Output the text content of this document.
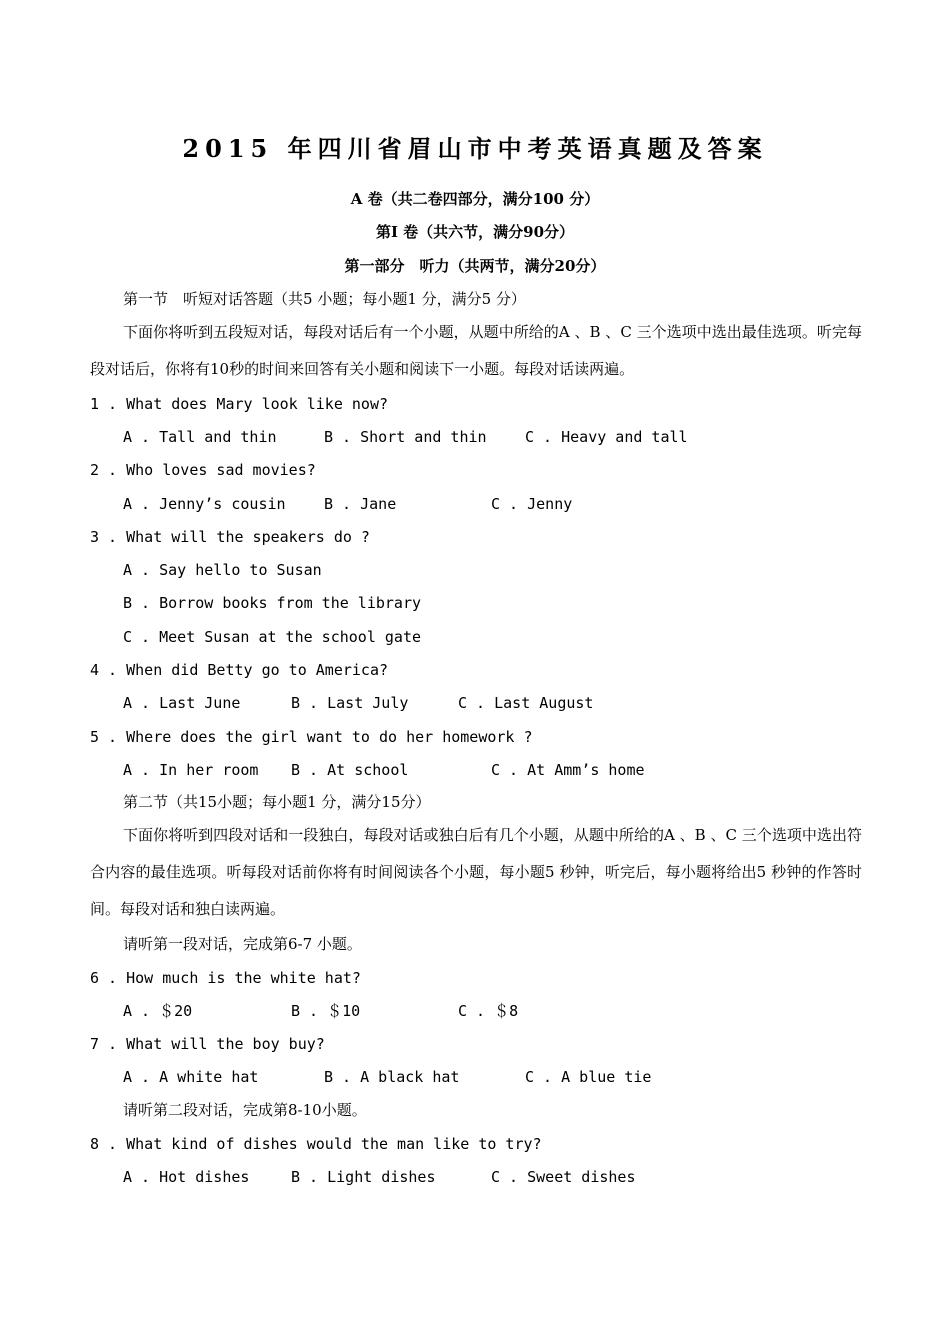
2015 年四川省眉山市中考英语真题及答案
A 卷（共二卷四部分，满分100 分）
第I 卷（共六节，满分90分）
第一部分　听力（共两节，满分20分）
第一节　听短对话答题（共5 小题；每小题1 分，满分5 分）
下面你将听到五段短对话，每段对话后有一个小题，从题中所给的A 、B 、C 三个选项中选出最佳选项。听完每段对话后，你将有10秒的时间来回答有关小题和阅读下一小题。每段对话读两遍。
1 . What does Mary look like now?
A . Tall and thin	B . Short and thin	C . Heavy and tall
2 . Who loves sad movies?
A . Jenny’s cousin	B . Jane	C . Jenny
3 . What will the speakers do ?
A . Say hello to Susan
B . Borrow books from the library
C . Meet Susan at the school gate
4 . When did Betty go to America?
A . Last June	B . Last July	C . Last August
5 . Where does the girl want to do her homework ?
A . In her room B . At school	C . At Amm’s home
第二节（共15小题；每小题1 分，满分15分）
下面你将听到四段对话和一段独白，每段对话或独白后有几个小题，从题中所给的A 、B 、C 三个选项中选出符合内容的最佳选项。听每段对话前你将有时间阅读各个小题，每小题5 秒钟，听完后，每小题将给出5 秒钟的作答时间。每段对话和独白读两遍。
请听第一段对话，完成第6-7 小题。
6 . How much is the white hat?
A . ＄20	B . ＄10	C . ＄8
7 . What will the boy buy?
A . A white hat	B . A black hat	C . A blue tie
请听第二段对话，完成第8-10小题。
8 . What kind of dishes would the man like to try?
A . Hot dishes	B . Light dishes	C . Sweet dishes
